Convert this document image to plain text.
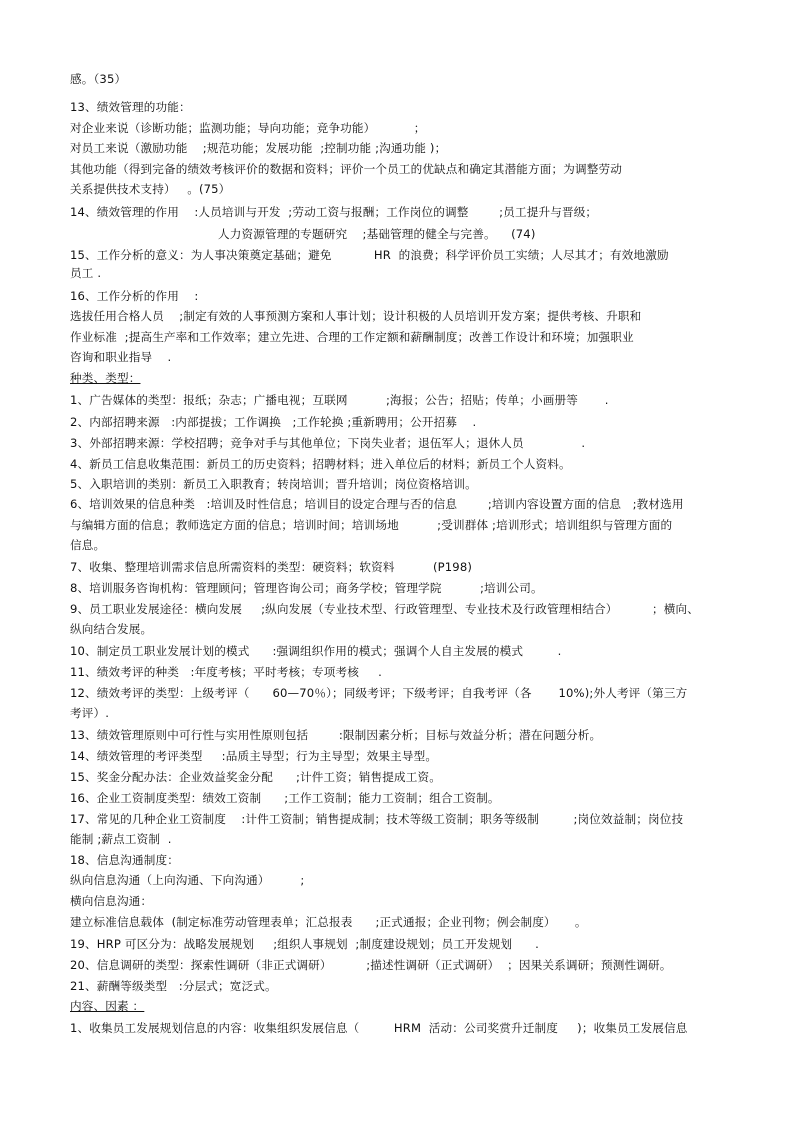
感。（35）
13、绩效管理的功能：
对企业来说（诊断功能；监测功能；导向功能；竞争功能）          ；
对员工来说（激励功能    ;规范功能；发展功能  ;控制功能 ;沟通功能 )；
其他功能（得到完备的绩效考核评价的数据和资料；评价一个员工的优缺点和确定其潜能方面；为调整劳动
关系提供技术支持）   。(75）
14、绩效管理的作用    :人员培训与开发  ;劳动工资与报酬；工作岗位的调整        ;员工提升与晋级；
人力资源管理的专题研究    ;基础管理的健全与完善。    (74)
15、工作分析的意义：为人事决策奠定基础；避免           HR  的浪费；科学评价员工实绩；人尽其才；有效地激励
员工 .
16、工作分析的作用    :
选拔任用合格人员    ;制定有效的人事预测方案和人事计划；设计积极的人员培训开发方案；提供考核、升职和
作业标准  ;提高生产率和工作效率；建立先进、合理的工作定额和薪酬制度；改善工作设计和环境；加强职业
咨询和职业指导    .
种类、类型：
1、广告媒体的类型：报纸；杂志；广播电视；互联网          ;海报；公告；招贴；传单；小画册等       .
2、内部招聘来源   :内部提拔；工作调换   ;工作轮换 ;重新聘用；公开招募    .
3、外部招聘来源：学校招聘；竞争对手与其他单位；下岗失业者；退伍军人；退休人员               .
4、新员工信息收集范围：新员工的历史资料；招聘材料；进入单位后的材料；新员工个人资料。
5、入职培训的类别：新员工入职教育；转岗培训；晋升培训；岗位资格培训。
6、培训效果的信息种类   :培训及时性信息；培训目的设定合理与否的信息        ;培训内容设置方面的信息   ;教材选用
与编辑方面的信息；教师选定方面的信息；培训时间；培训场地          ;受训群体 ;培训形式；培训组织与管理方面的
信息。
7、收集、整理培训需求信息所需资料的类型：硬资料；软资料          (P198)
8、培训服务咨询机构：管理顾问；管理咨询公司；商务学校；管理学院          ;培训公司。
9、员工职业发展途径：横向发展     ;纵向发展（专业技术型、行政管理型、专业技术及行政管理相结合）         ；横向、
纵向结合发展。
10、制定员工职业发展计划的模式      :强调组织作用的模式；强调个人自主发展的模式         .
11、绩效考评的种类   :年度考核；平时考核；专项考核     .
12、绩效考评的类型：上级考评（      60—70％）；同级考评；下级考评；自我考评（各       10%);外人考评（第三方
考评）.
13、绩效管理原则中可行性与实用性原则包括        :限制因素分析；目标与效益分析；潜在问题分析。
14、绩效管理的考评类型     :品质主导型；行为主导型；效果主导型。
15、奖金分配办法：企业效益奖金分配      ;计件工资；销售提成工资。
16、企业工资制度类型：绩效工资制      ;工作工资制；能力工资制；组合工资制。
17、常见的几种企业工资制度    :计件工资制；销售提成制；技术等级工资制；职务等级制         ;岗位效益制；岗位技
能制 ;薪点工资制  .
18、信息沟通制度：
纵向信息沟通（上向沟通、下向沟通）        ;
横向信息沟通：
建立标准信息载体  (制定标准劳动管理表单；汇总报表      ;正式通报；企业刊物；例会制度）     。
19、HRP 可区分为：战略发展规划     ;组织人事规划  ;制度建设规划；员工开发规划      .
20、信息调研的类型：探索性调研（非正式调研）         ;描述性调研（正式调研）  ；因果关系调研；预测性调研。
21、薪酬等级类型   :分层式；宽泛式。
内容、因素 ：
1、收集员工发展规划信息的内容：收集组织发展信息（         HRM  活动：公司奖赏升迁制度     )；收集员工发展信息
